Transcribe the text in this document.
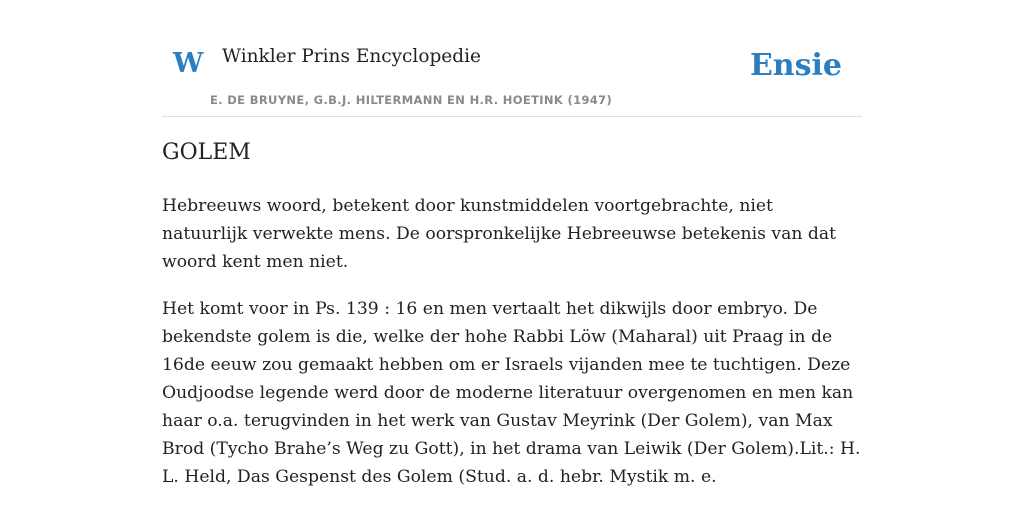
W Winkler Prins Encyclopedie
E. DE BRUYNE, G.B.J. HILTERMANN EN H.R. HOETINK (1947)
Ensie
GOLEM

Hebreeuws woord, betekent door kunstmiddelen voortgebrachte, niet natuurlijk verwekte mens. De oorspronkelijke Hebreeuwse betekenis van dat woord kent men niet.

Het komt voor in Ps. 139 : 16 en men vertaalt het dikwijls door embryo. De bekendste golem is die, welke der hohe Rabbi Löw (Maharal) uit Praag in de 16de eeuw zou gemaakt hebben om er Israels vijanden mee te tuchtigen. Deze Oudjoodse legende werd door de moderne literatuur overgenomen en men kan haar o.a. terugvinden in het werk van Gustav Meyrink (Der Golem), van Max Brod (Tycho Brahe’s Weg zu Gott), in het drama van Leiwik (Der Golem).Lit.: H. L. Held, Das Gespenst des Golem (Stud. a. d. hebr. Mystik m. e.
